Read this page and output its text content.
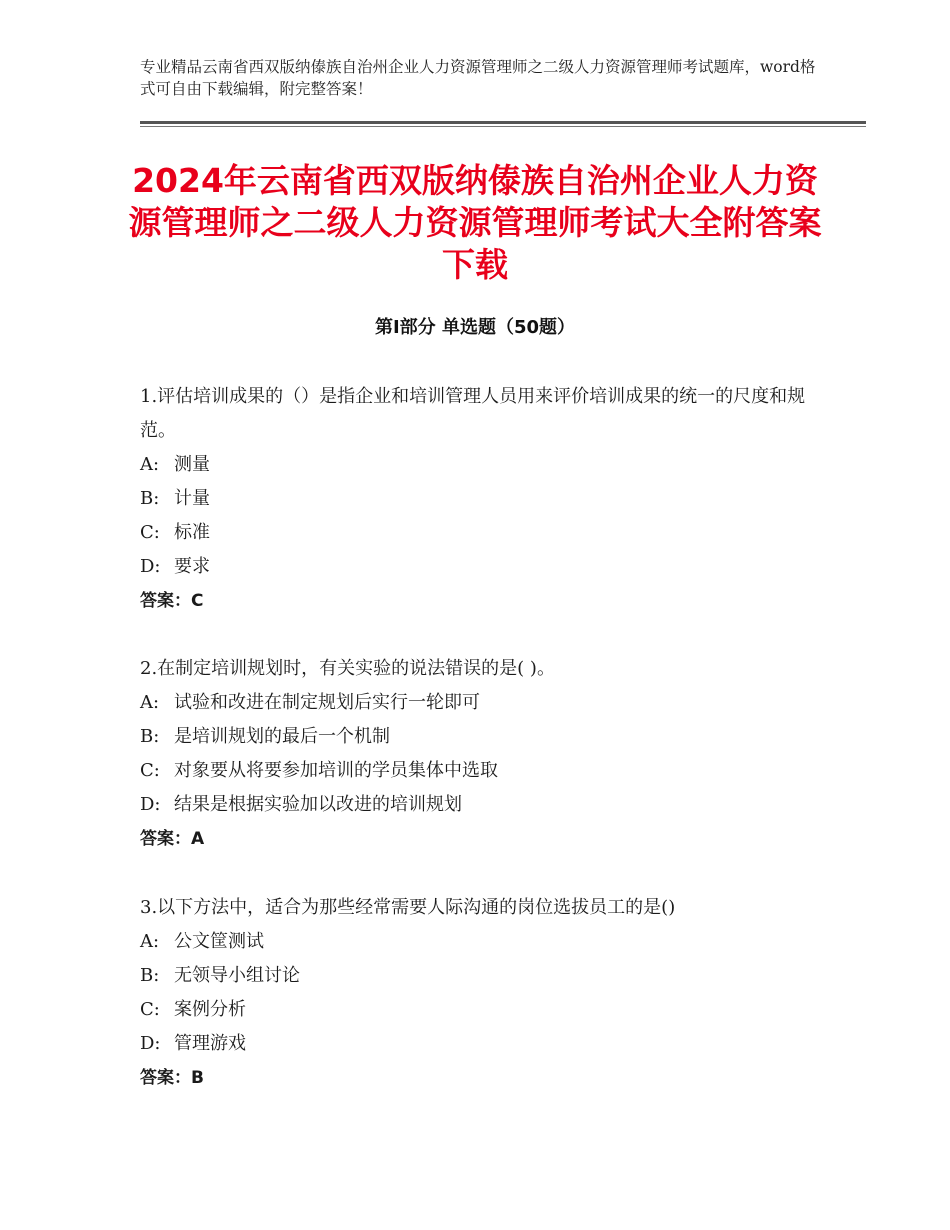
专业精品云南省西双版纳傣族自治州企业人力资源管理师之二级人力资源管理师考试题库，word格式可自由下载编辑，附完整答案！
2024年云南省西双版纳傣族自治州企业人力资源管理师之二级人力资源管理师考试大全附答案下载
第Ⅰ部分 单选题（50题）

1.评估培训成果的（）是指企业和培训管理人员用来评价培训成果的统一的尺度和规范。

A: 测量

B: 计量

C: 标准

D: 要求

答案：C

2.在制定培训规划时，有关实验的说法错误的是( )。

A: 试验和改进在制定规划后实行一轮即可

B: 是培训规划的最后一个机制

C: 对象要从将要参加培训的学员集体中选取

D: 结果是根据实验加以改进的培训规划

答案：A

3.以下方法中，适合为那些经常需要人际沟通的岗位选拔员工的是()

A: 公文筐测试

B: 无领导小组讨论

C: 案例分析

D: 管理游戏

答案：B
